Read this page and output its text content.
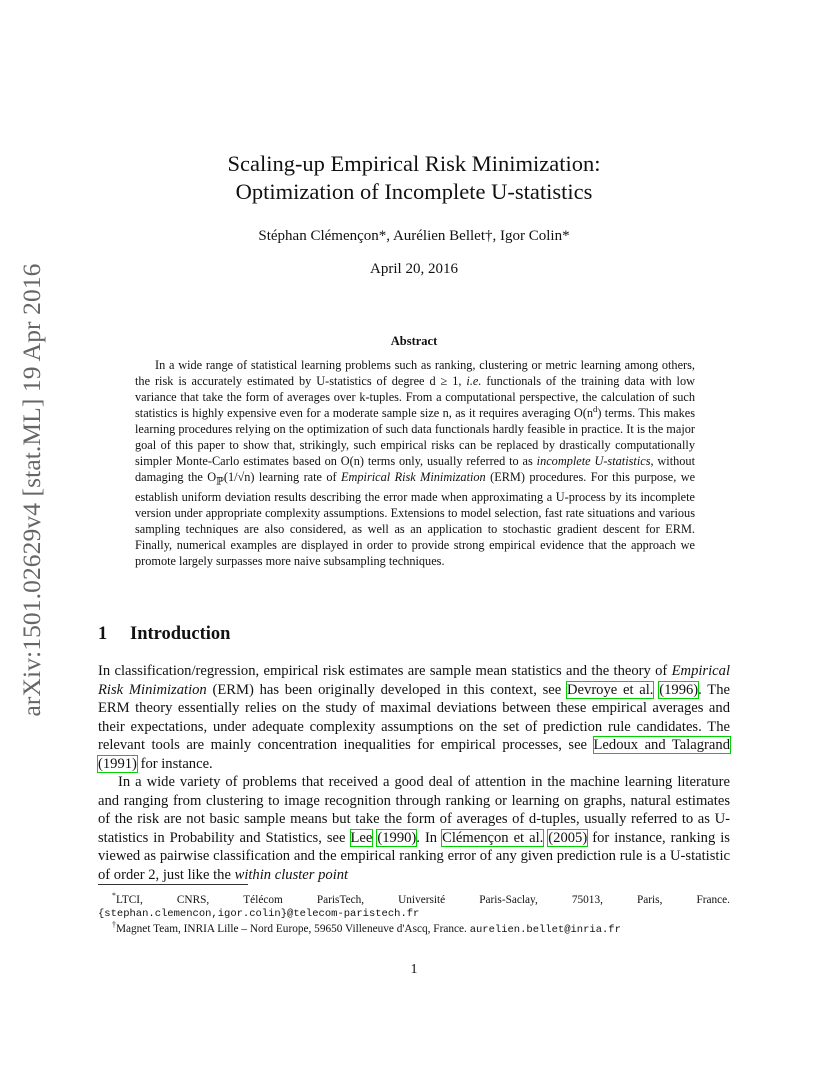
arXiv:1501.02629v4 [stat.ML] 19 Apr 2016
Scaling-up Empirical Risk Minimization:
Optimization of Incomplete U-statistics
Stéphan Clémençon*, Aurélien Bellet†, Igor Colin*
April 20, 2016
Abstract

In a wide range of statistical learning problems such as ranking, clustering or metric learning among others, the risk is accurately estimated by U-statistics of degree d ≥ 1, i.e. functionals of the training data with low variance that take the form of averages over k-tuples. From a computational perspective, the calculation of such statistics is highly expensive even for a moderate sample size n, as it requires averaging $O(n^d)$ terms. This makes learning procedures relying on the optimization of such data functionals hardly feasible in practice. It is the major goal of this paper to show that, strikingly, such empirical risks can be replaced by drastically computationally simpler Monte-Carlo estimates based on O(n) terms only, usually referred to as incomplete U-statistics, without damaging the $O_ℙ(1/√n)$ learning rate of Empirical Risk Minimization (ERM) procedures. For this purpose, we establish uniform deviation results describing the error made when approximating a U-process by its incomplete version under appropriate complexity assumptions. Extensions to model selection, fast rate situations and various sampling techniques are also considered, as well as an application to stochastic gradient descent for ERM. Finally, numerical examples are displayed in order to provide strong empirical evidence that the approach we promote largely surpasses more naive subsampling techniques.

1 Introduction

In classification/regression, empirical risk estimates are sample mean statistics and the theory of Empirical Risk Minimization (ERM) has been originally developed in this context, see Devroye et al. (1996). The ERM theory essentially relies on the study of maximal deviations between these empirical averages and their expectations, under adequate complexity assumptions on the set of prediction rule candidates. The relevant tools are mainly concentration inequalities for empirical processes, see Ledoux and Talagrand (1991) for instance.

In a wide variety of problems that received a good deal of attention in the machine learning literature and ranging from clustering to image recognition through ranking or learning on graphs, natural estimates of the risk are not basic sample means but take the form of averages of d-tuples, usually referred to as U-statistics in Probability and Statistics, see Lee (1990). In Clémençon et al. (2005) for instance, ranking is viewed as pairwise classification and the empirical ranking error of any given prediction rule is a U-statistic of order 2, just like the within cluster point

*LTCI,	CNRS,	Télécom	ParisTech,	Université	Paris-Saclay,	75013,	Paris,	France.
{stephan.clemencon,igor.colin}@telecom-paristech.fr
†Magnet Team, INRIA Lille – Nord Europe, 59650 Villeneuve d'Ascq, France. aurelien.bellet@inria.fr
1
